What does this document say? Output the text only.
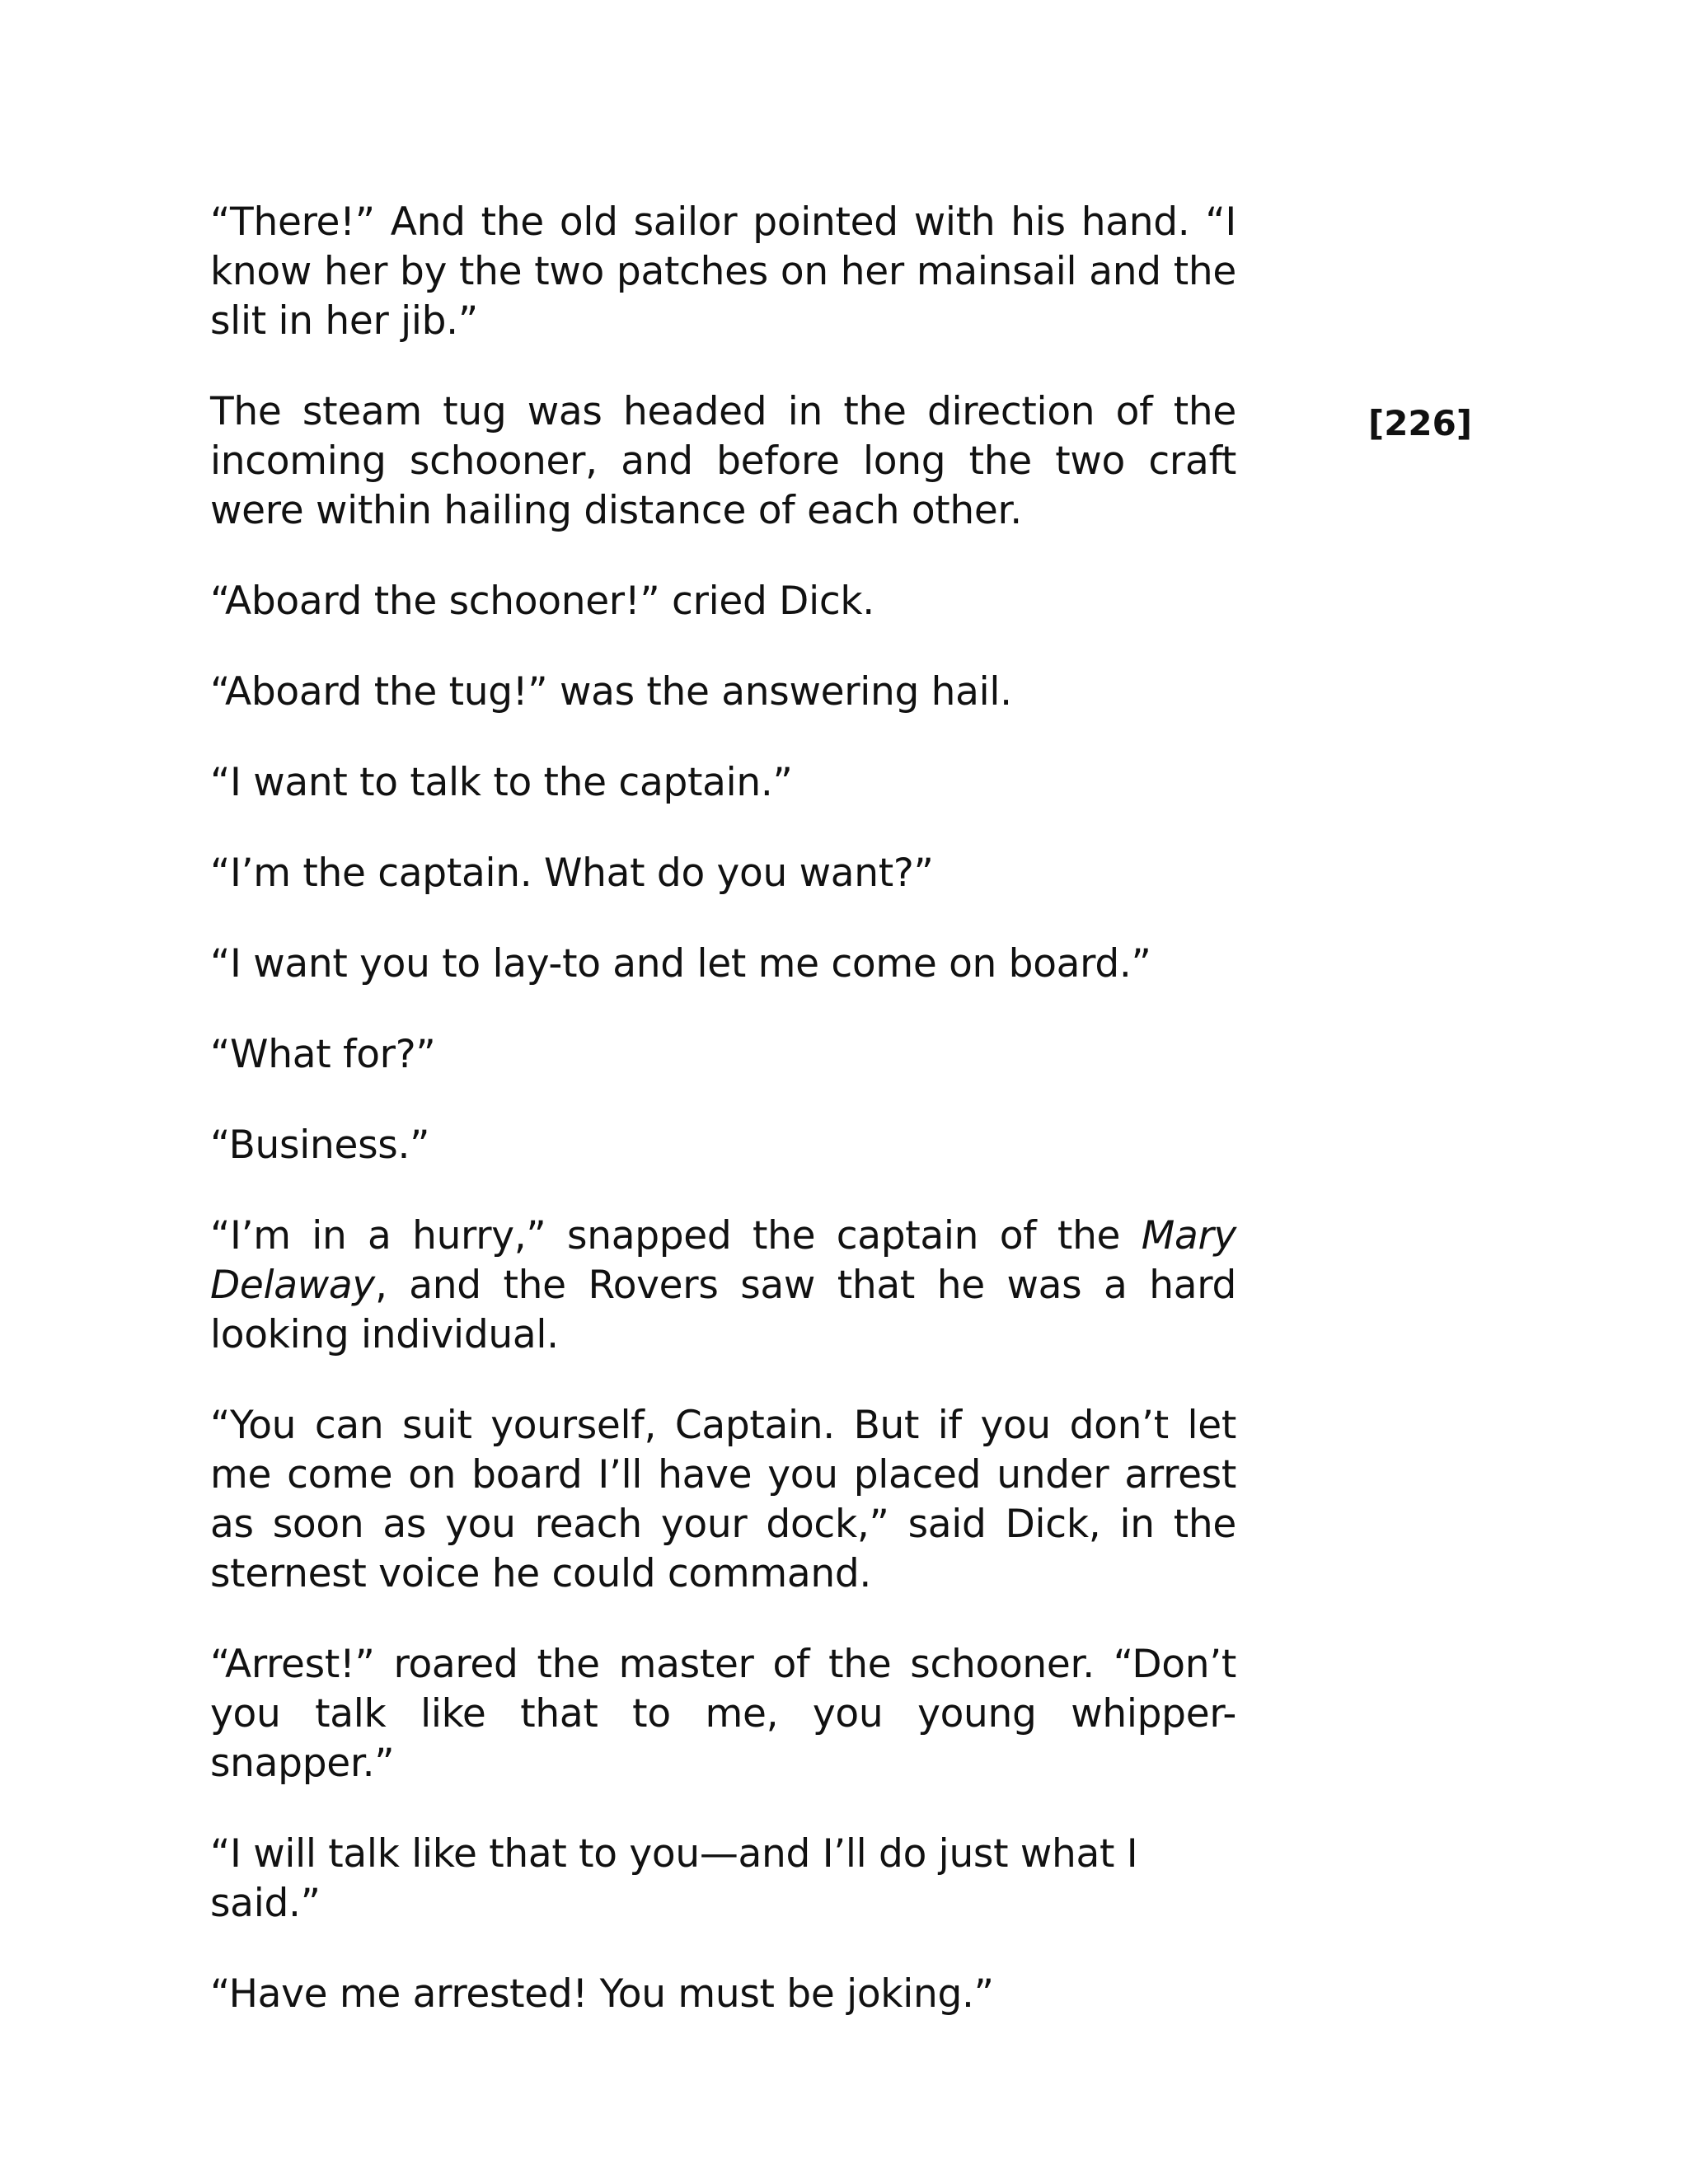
“There!” And the old sailor pointed with his hand. “I know her by the two patches on her mainsail and the slit in her jib.”

The steam tug was headed in the direction of the incoming schooner, and before long the two craft were within hailing distance of each other.

“Aboard the schooner!” cried Dick.

“Aboard the tug!” was the answering hail.

“I want to talk to the captain.”

“I’m the captain. What do you want?”

“I want you to lay-to and let me come on board.”

“What for?”

“Business.”

“I’m in a hurry,” snapped the captain of the Mary Delaway, and the Rovers saw that he was a hard looking individual.

“You can suit yourself, Captain. But if you don’t let me come on board I’ll have you placed under arrest as soon as you reach your dock,” said Dick, in the sternest voice he could command.

“Arrest!” roared the master of the schooner. “Don’t you talk like that to me, you young whipper-snapper.”

“I will talk like that to you—and I’ll do just what I said.”

“Have me arrested! You must be joking.”

[226]
